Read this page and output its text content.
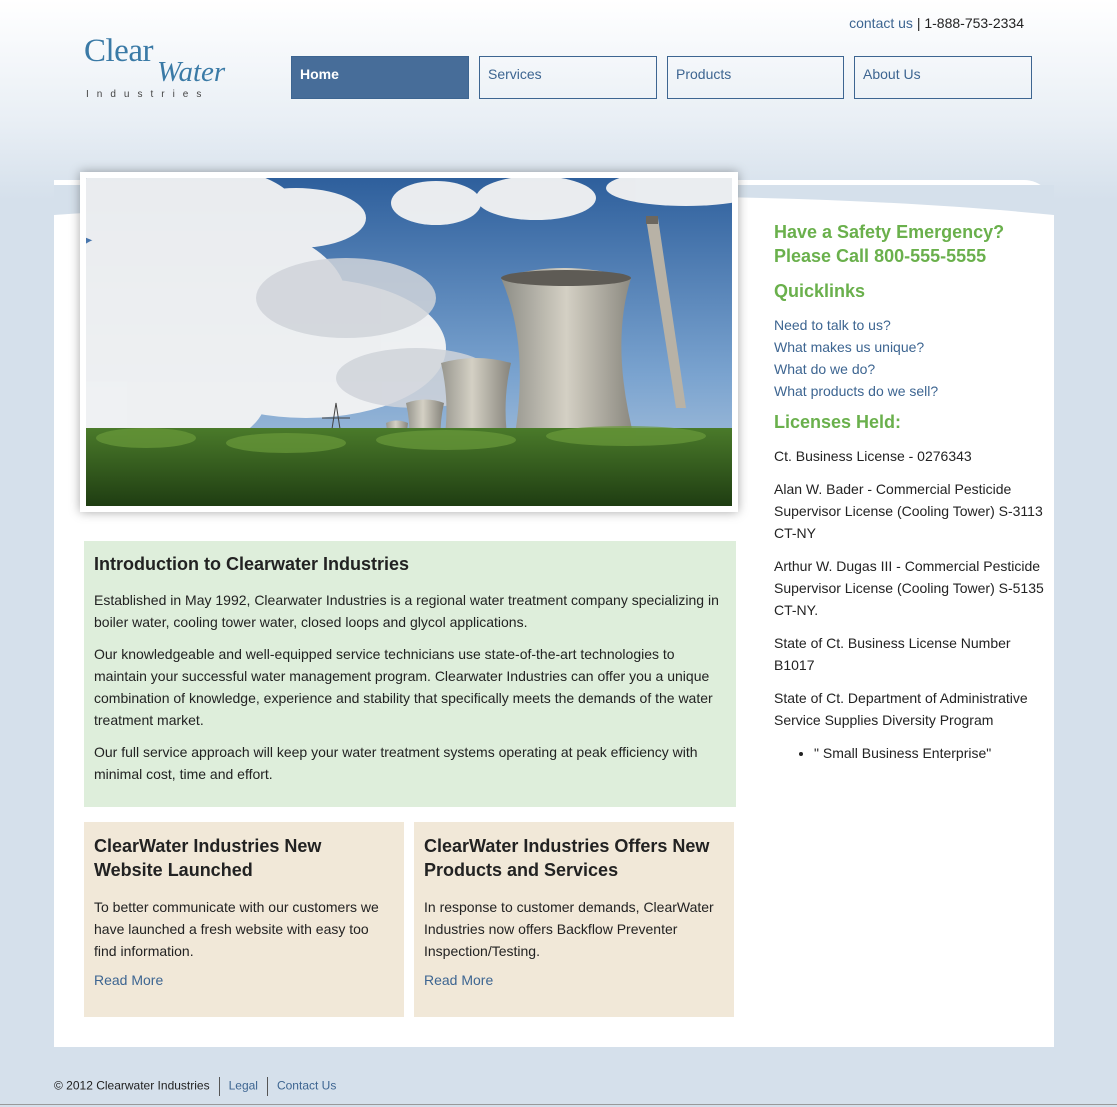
contact us | 1-888-753-2334
Clear
Water
Industries
Home	Services	Products	About Us
Introduction to Clearwater Industries

Established in May 1992, Clearwater Industries is a regional water treatment company specializing in boiler water, cooling tower water, closed loops and glycol applications.

Our knowledgeable and well-equipped service technicians use state-of-the-art technologies to maintain your successful water management program. Clearwater Industries can offer you a unique combination of knowledge, experience and stability that specifically meets the demands of the water treatment market.

Our full service approach will keep your water treatment systems operating at peak efficiency with minimal cost, time and effort.

ClearWater Industries New Website Launched

To better communicate with our customers we have launched a fresh website with easy too find information.

Read More
ClearWater Industries Offers New Products and Services

In response to customer demands, ClearWater Industries now offers Backflow Preventer Inspection/Testing.

Read More
Have a Safety Emergency?
Please Call 800-555-5555
Quicklinks
Need to talk to us?
What makes us unique?
What do we do?
What products do we sell?
Licenses Held:

Ct. Business License - 0276343

Alan W. Bader - Commercial Pesticide Supervisor License (Cooling Tower) S-3113 CT-NY

Arthur W. Dugas III - Commercial Pesticide Supervisor License (Cooling Tower) S-5135 CT-NY.

State of Ct. Business License Number B1017

State of Ct. Department of Administrative Service Supplies Diversity Program

• " Small Business Enterprise"
© 2012 Clearwater Industries Legal Contact Us
